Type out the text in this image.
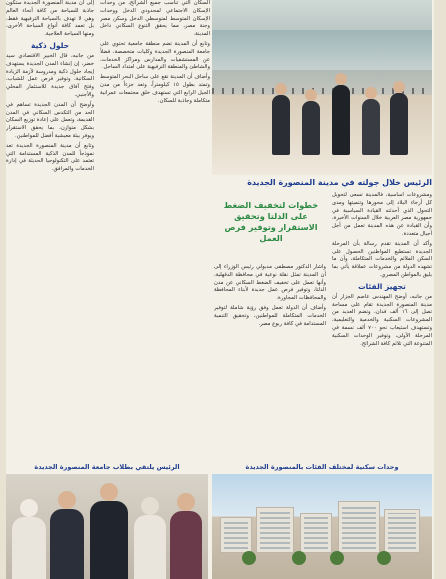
الرئيس خلال جولته في مدينة المنصورة الجديدة

ومشروعات أساسية، فالمدينة تسعى لتحويل كل أرجاء البلاد إلى محورها وتنميتها ومدى التحول الذي أحدثته القيادة السياسية في جمهورية مصر العربية خلال السنوات الأخيرة، وأن القيادة عن هذه المدينة تعمل من أجل أجيال متعددة.

وأكد أن المدينة تقدم رسالة بأن المرحلة الجديدة تستطيع المواطنين الحصول على السكن الملائم والخدمات المتكاملة، وأن ما تشهده الدولة من مشروعات عملاقة يأتي بما يليق بالمواطن المصري.

تجهيز الفئات

من جانبه، أوضح المهندس عاصم الجزار أن مدينة المنصورة الجديدة تقام على مساحة تصل إلى ١٦ ألف فدان، وتضم العديد من المشروعات السكنية والخدمية والتعليمية، وتستهدف استيعاب نحو ٧٠٠ ألف نسمة في المرحلة الأولى، وتوفير الوحدات السكنية المتنوعة التي تلائم كافة الشرائح.

خطوات لتخفيف الضغط على الدلتا وتحقيق الاستقرار وتوفير فرص العمل

وأشار الدكتور مصطفى مدبولي رئيس الوزراء إلى أن المدينة تمثل نقلة نوعية في محافظة الدقهلية، وأنها تعمل على تخفيف الضغط السكاني عن مدن الدلتا، وتوفير فرص عمل جديدة لأبناء المحافظة والمحافظات المجاورة.

وأضاف أن الدولة تعمل وفق رؤية شاملة لتوفير الخدمات المتكاملة للمواطنين، وتحقيق التنمية المستدامة في كافة ربوع مصر.

السكان التي تناسب جميع الشرائح، من وحدات الإسكان الاجتماعي لمحدودي الدخل ووحدات الإسكان المتوسط لمتوسطي الدخل وسكن مصر وجنة مصر، مما يحقق التنوع السكاني داخل المدينة.

وتابع أن المدينة تضم منطقة جامعية تحتوي على جامعة المنصورة الجديدة وكليات متخصصة، فضلاً عن المستشفيات والمدارس ومراكز الخدمات، والشاطئ والمنطقة الترفيهية على امتداد الساحل.

وأضاف أن المدينة تقع على ساحل البحر المتوسط وتمتد بطول ١٥ كيلومتراً، وتعد جزءاً من مدن الجيل الرابع التي تستهدف خلق مجتمعات عمرانية متكاملة وجاذبة للسكان.

إلى أن مدينة المنصورة الجديدة ستكون جاذبة للسياحة من كافة أنحاء العالم وهي لا تهدف بالسياحة الترفيهية فقط، بل تعمد كافة أنواع السياحة الأخرى، ومنها السياحة العلاجية.

حلول ذكية

من جانبه، قال الخبير الاقتصادي سيد خضر، إن إنشاء المدن الجديدة يستهدف إيجاد حلول ذكية ومدروسة لأزمة الزيادة السكانية، وتوفير فرص عمل للشباب، وفتح آفاق جديدة للاستثمار المحلي والأجنبي.

وأوضح أن المدن الجديدة تساهم في الحد من التكدس السكاني في المدن القديمة، وتعمل على إعادة توزيع السكان بشكل متوازن، بما يحقق الاستقرار ويوفر بيئة معيشية أفضل للمواطنين.

وتابع أن مدينة المنصورة الجديدة تعد نموذجاً للمدن الذكية المستدامة التي تعتمد على التكنولوجيا الحديثة في إدارة الخدمات والمرافق.

وحدات سكنية لمختلف الفئات بالمنصورة الجديدة
الرئيس يلتقي بطلاب جامعة المنصورة الجديدة
